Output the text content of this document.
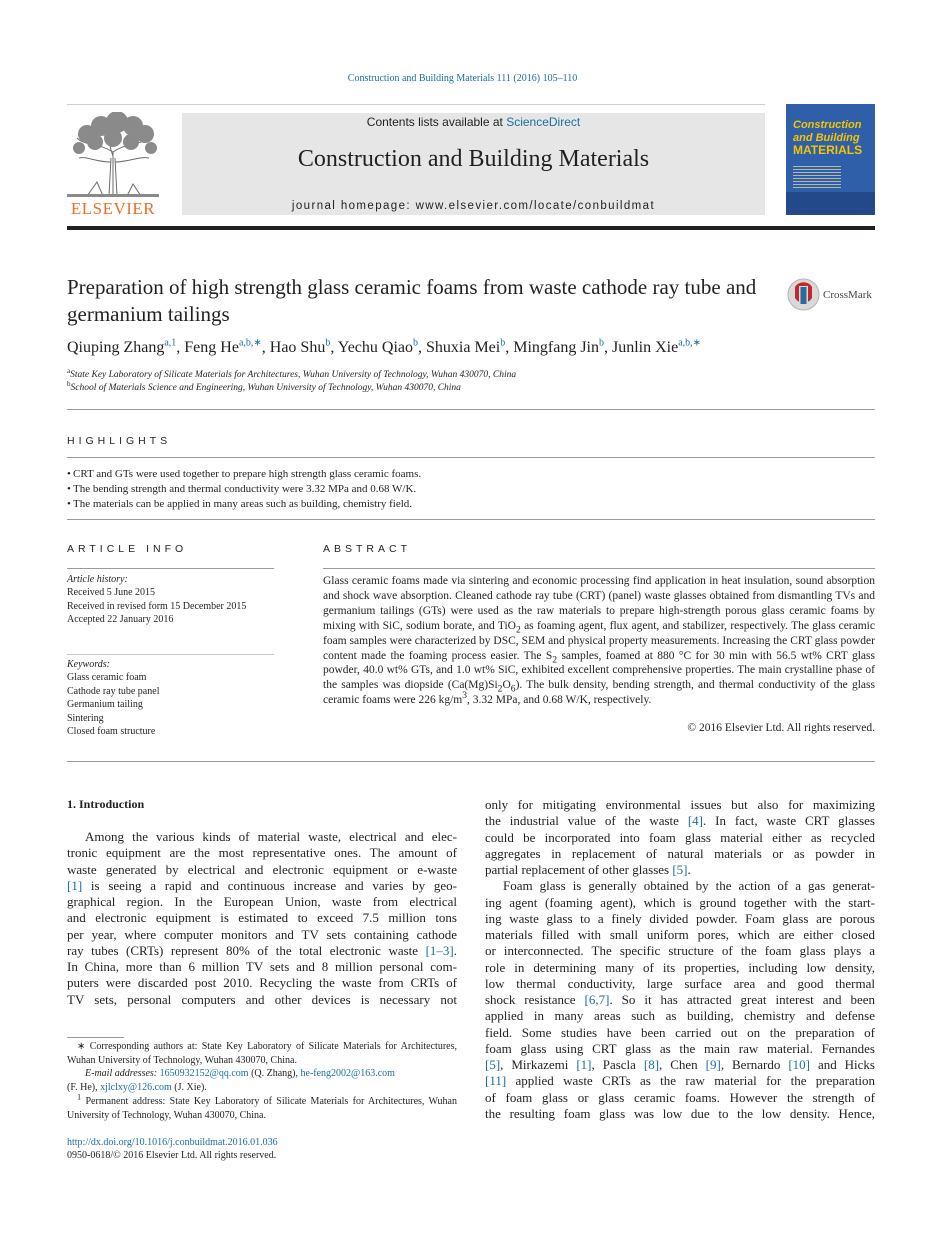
Construction and Building Materials 111 (2016) 105–110
ELSEVIER
Contents lists available at ScienceDirect
Construction and Building Materials
journal homepage: www.elsevier.com/locate/conbuildmat
Construction
and Building
MATERIALS
Preparation of high strength glass ceramic foams from waste cathode ray tube and germanium tailings
CrossMark
Qiuping Zhang$^{a,1}$, Feng $He^{a,b,∗}$, Hao Shu$^b$, Yechu Qiao$^b$, Shuxia Mei$^b$, Mingfang Jin$^b$, Junlin Xie$^{a,b,∗}$
$^a$State Key Laboratory of Silicate Materials for Architectures, Wuhan University of Technology, Wuhan 430070, China
$^b$School of Materials Science and Engineering, Wuhan University of Technology, Wuhan 430070, China
HIGHLIGHTS
• CRT and GTs were used together to prepare high strength glass ceramic foams.
• The bending strength and thermal conductivity were 3.32 MPa and 0.68 W/K.
• The materials can be applied in many areas such as building, chemistry field.
ARTICLE INFO
Article history:
Received 5 June 2015
Received in revised form 15 December 2015
Accepted 22 January 2016
Keywords:
Glass ceramic foam
Cathode ray tube panel
Germanium tailing
Sintering
Closed foam structure
ABSTRACT
Glass ceramic foams made via sintering and economic processing find application in heat insulation, sound absorption and shock wave absorption. Cleaned cathode ray tube (CRT) (panel) waste glasses obtained from dismantling TVs and germanium tailings (GTs) were used as the raw materials to prepare high-strength porous glass ceramic foams by mixing with SiC, sodium borate, and TiO$_2$ as foaming agent, flux agent, and stabilizer, respectively. The glass ceramic foam samples were characterized by DSC, SEM and physical property measurements. Increasing the CRT glass powder content made the foaming process easier. The $S_2$ samples, foamed at 880 °C for 30 min with 56.5 wt% CRT glass powder, 40.0 wt% GTs, and 1.0 wt% SiC, exhibited excellent comprehensive properties. The main crystalline phase of the samples was diopside $(Ca(Mg)Si_2O_6)$. The bulk density, bending strength, and thermal conductivity of the glass ceramic foams were 226 $kg/m^3$, 3.32 MPa, and 0.68 W/K, respectively.
© 2016 Elsevier Ltd. All rights reserved.
1. Introduction
Among the various kinds of material waste, electrical and elec-
tronic equipment are the most representative ones. The amount of
waste generated by electrical and electronic equipment or e-waste
[1] is seeing a rapid and continuous increase and varies by geo-
graphical region. In the European Union, waste from electrical
and electronic equipment is estimated to exceed 7.5 million tons
per year, where computer monitors and TV sets containing cathode
ray tubes (CRTs) represent 80% of the total electronic waste [1–3].
In China, more than 6 million TV sets and 8 million personal com-
puters were discarded post 2010. Recycling the waste from CRTs of
TV sets, personal computers and other devices is necessary not
only for mitigating environmental issues but also for maximizing
the industrial value of the waste [4]. In fact, waste CRT glasses
could be incorporated into foam glass material either as recycled
aggregates in replacement of natural materials or as powder in
partial replacement of other glasses [5].
Foam glass is generally obtained by the action of a gas generat-
ing agent (foaming agent), which is ground together with the start-
ing waste glass to a finely divided powder. Foam glass are porous
materials filled with small uniform pores, which are either closed
or interconnected. The specific structure of the foam glass plays a
role in determining many of its properties, including low density,
low thermal conductivity, large surface area and good thermal
shock resistance [6,7]. So it has attracted great interest and been
applied in many areas such as building, chemistry and defense
field. Some studies have been carried out on the preparation of
foam glass using CRT glass as the main raw material. Fernandes
[5], Mirkazemi [1], Pascla [8], Chen [9], Bernardo [10] and Hicks
[11] applied waste CRTs as the raw material for the preparation
of foam glass or glass ceramic foams. However the strength of
the resulting foam glass was low due to the low density. Hence,
∗ Corresponding authors at: State Key Laboratory of Silicate Materials for Architectures, Wuhan University of Technology, Wuhan 430070, China.
E-mail addresses: 1650932152@qq.com (Q. Zhang), he-feng2002@163.com
(F. He), xjlclxy@126.com (J. Xie).
$^1$ Permanent address: State Key Laboratory of Silicate Materials for Architectures, Wuhan University of Technology, Wuhan 430070, China.
http://dx.doi.org/10.1016/j.conbuildmat.2016.01.036
0950-0618/© 2016 Elsevier Ltd. All rights reserved.
